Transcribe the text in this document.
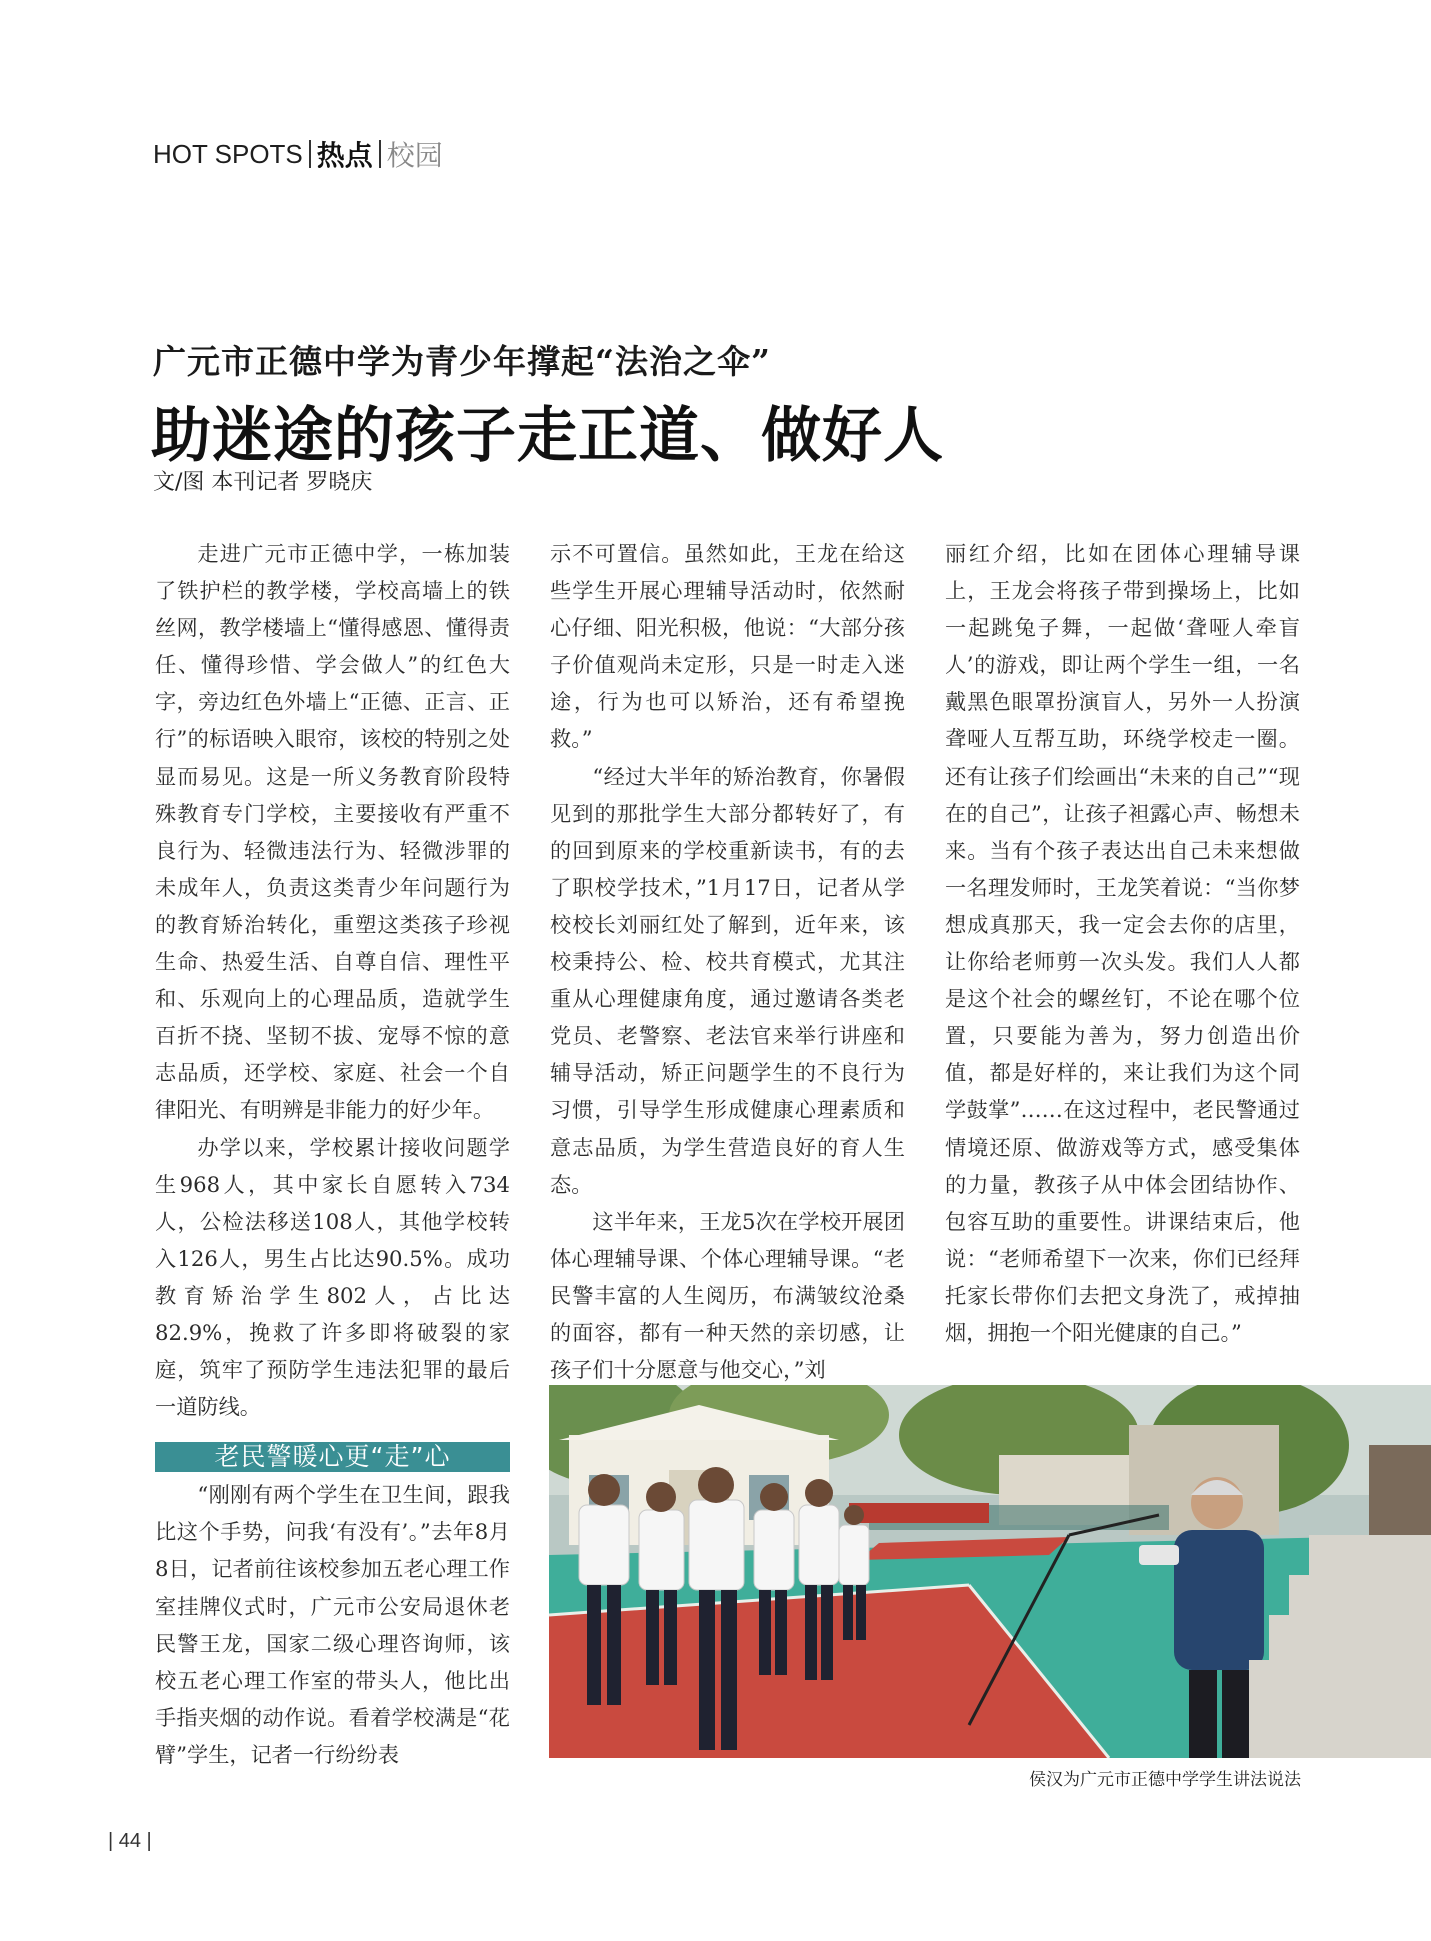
HOT SPOTS 热点 校园
广元市正德中学为青少年撑起“法治之伞”
助迷途的孩子走正道、做好人
文/图 本刊记者 罗晓庆

走进广元市正德中学，一栋加装了铁护栏的教学楼，学校高墙上的铁丝网，教学楼墙上“懂得感恩、懂得责任、懂得珍惜、学会做人”的红色大字，旁边红色外墙上“正德、正言、正行”的标语映入眼帘，该校的特别之处显而易见。这是一所义务教育阶段特殊教育专门学校，主要接收有严重不良行为、轻微违法行为、轻微涉罪的未成年人，负责这类青少年问题行为的教育矫治转化，重塑这类孩子珍视生命、热爱生活、自尊自信、理性平和、乐观向上的心理品质，造就学生百折不挠、坚韧不拔、宠辱不惊的意志品质，还学校、家庭、社会一个自律阳光、有明辨是非能力的好少年。

办学以来，学校累计接收问题学生968人，其中家长自愿转入734人，公检法移送108人，其他学校转入126人，男生占比达90.5%。成功教育矫治学生802人，占比达82.9%，挽救了许多即将破裂的家庭，筑牢了预防学生违法犯罪的最后一道防线。

老民警暖心更“走”心

“刚刚有两个学生在卫生间，跟我比这个手势，问我‘有没有’。”去年8月8日，记者前往该校参加五老心理工作室挂牌仪式时，广元市公安局退休老民警王龙，国家二级心理咨询师，该校五老心理工作室的带头人，他比出手指夹烟的动作说。看着学校满是“花臂”学生，记者一行纷纷表

示不可置信。虽然如此，王龙在给这些学生开展心理辅导活动时，依然耐心仔细、阳光积极，他说：“大部分孩子价值观尚未定形，只是一时走入迷途，行为也可以矫治，还有希望挽救。”

“经过大半年的矫治教育，你暑假见到的那批学生大部分都转好了，有的回到原来的学校重新读书，有的去了职校学技术，”1月17日，记者从学校校长刘丽红处了解到，近年来，该校秉持公、检、校共育模式，尤其注重从心理健康角度，通过邀请各类老党员、老警察、老法官来举行讲座和辅导活动，矫正问题学生的不良行为习惯，引导学生形成健康心理素质和意志品质，为学生营造良好的育人生态。

这半年来，王龙5次在学校开展团体心理辅导课、个体心理辅导课。“老民警丰富的人生阅历，布满皱纹沧桑的面容，都有一种天然的亲切感，让孩子们十分愿意与他交心，”刘

丽红介绍，比如在团体心理辅导课上，王龙会将孩子带到操场上，比如一起跳兔子舞，一起做‘聋哑人牵盲人’的游戏，即让两个学生一组，一名戴黑色眼罩扮演盲人，另外一人扮演聋哑人互帮互助，环绕学校走一圈。还有让孩子们绘画出“未来的自己”“现在的自己”，让孩子袒露心声、畅想未来。当有个孩子表达出自己未来想做一名理发师时，王龙笑着说：“当你梦想成真那天，我一定会去你的店里，让你给老师剪一次头发。我们人人都是这个社会的螺丝钉，不论在哪个位置，只要能为善为，努力创造出价值，都是好样的，来让我们为这个同学鼓掌”……在这过程中，老民警通过情境还原、做游戏等方式，感受集体的力量，教孩子从中体会团结协作、包容互助的重要性。讲课结束后，他说：“老师希望下一次来，你们已经拜托家长带你们去把文身洗了，戒掉抽烟，拥抱一个阳光健康的自己。”

侯汉为广元市正德中学学生讲法说法
| 44 |
